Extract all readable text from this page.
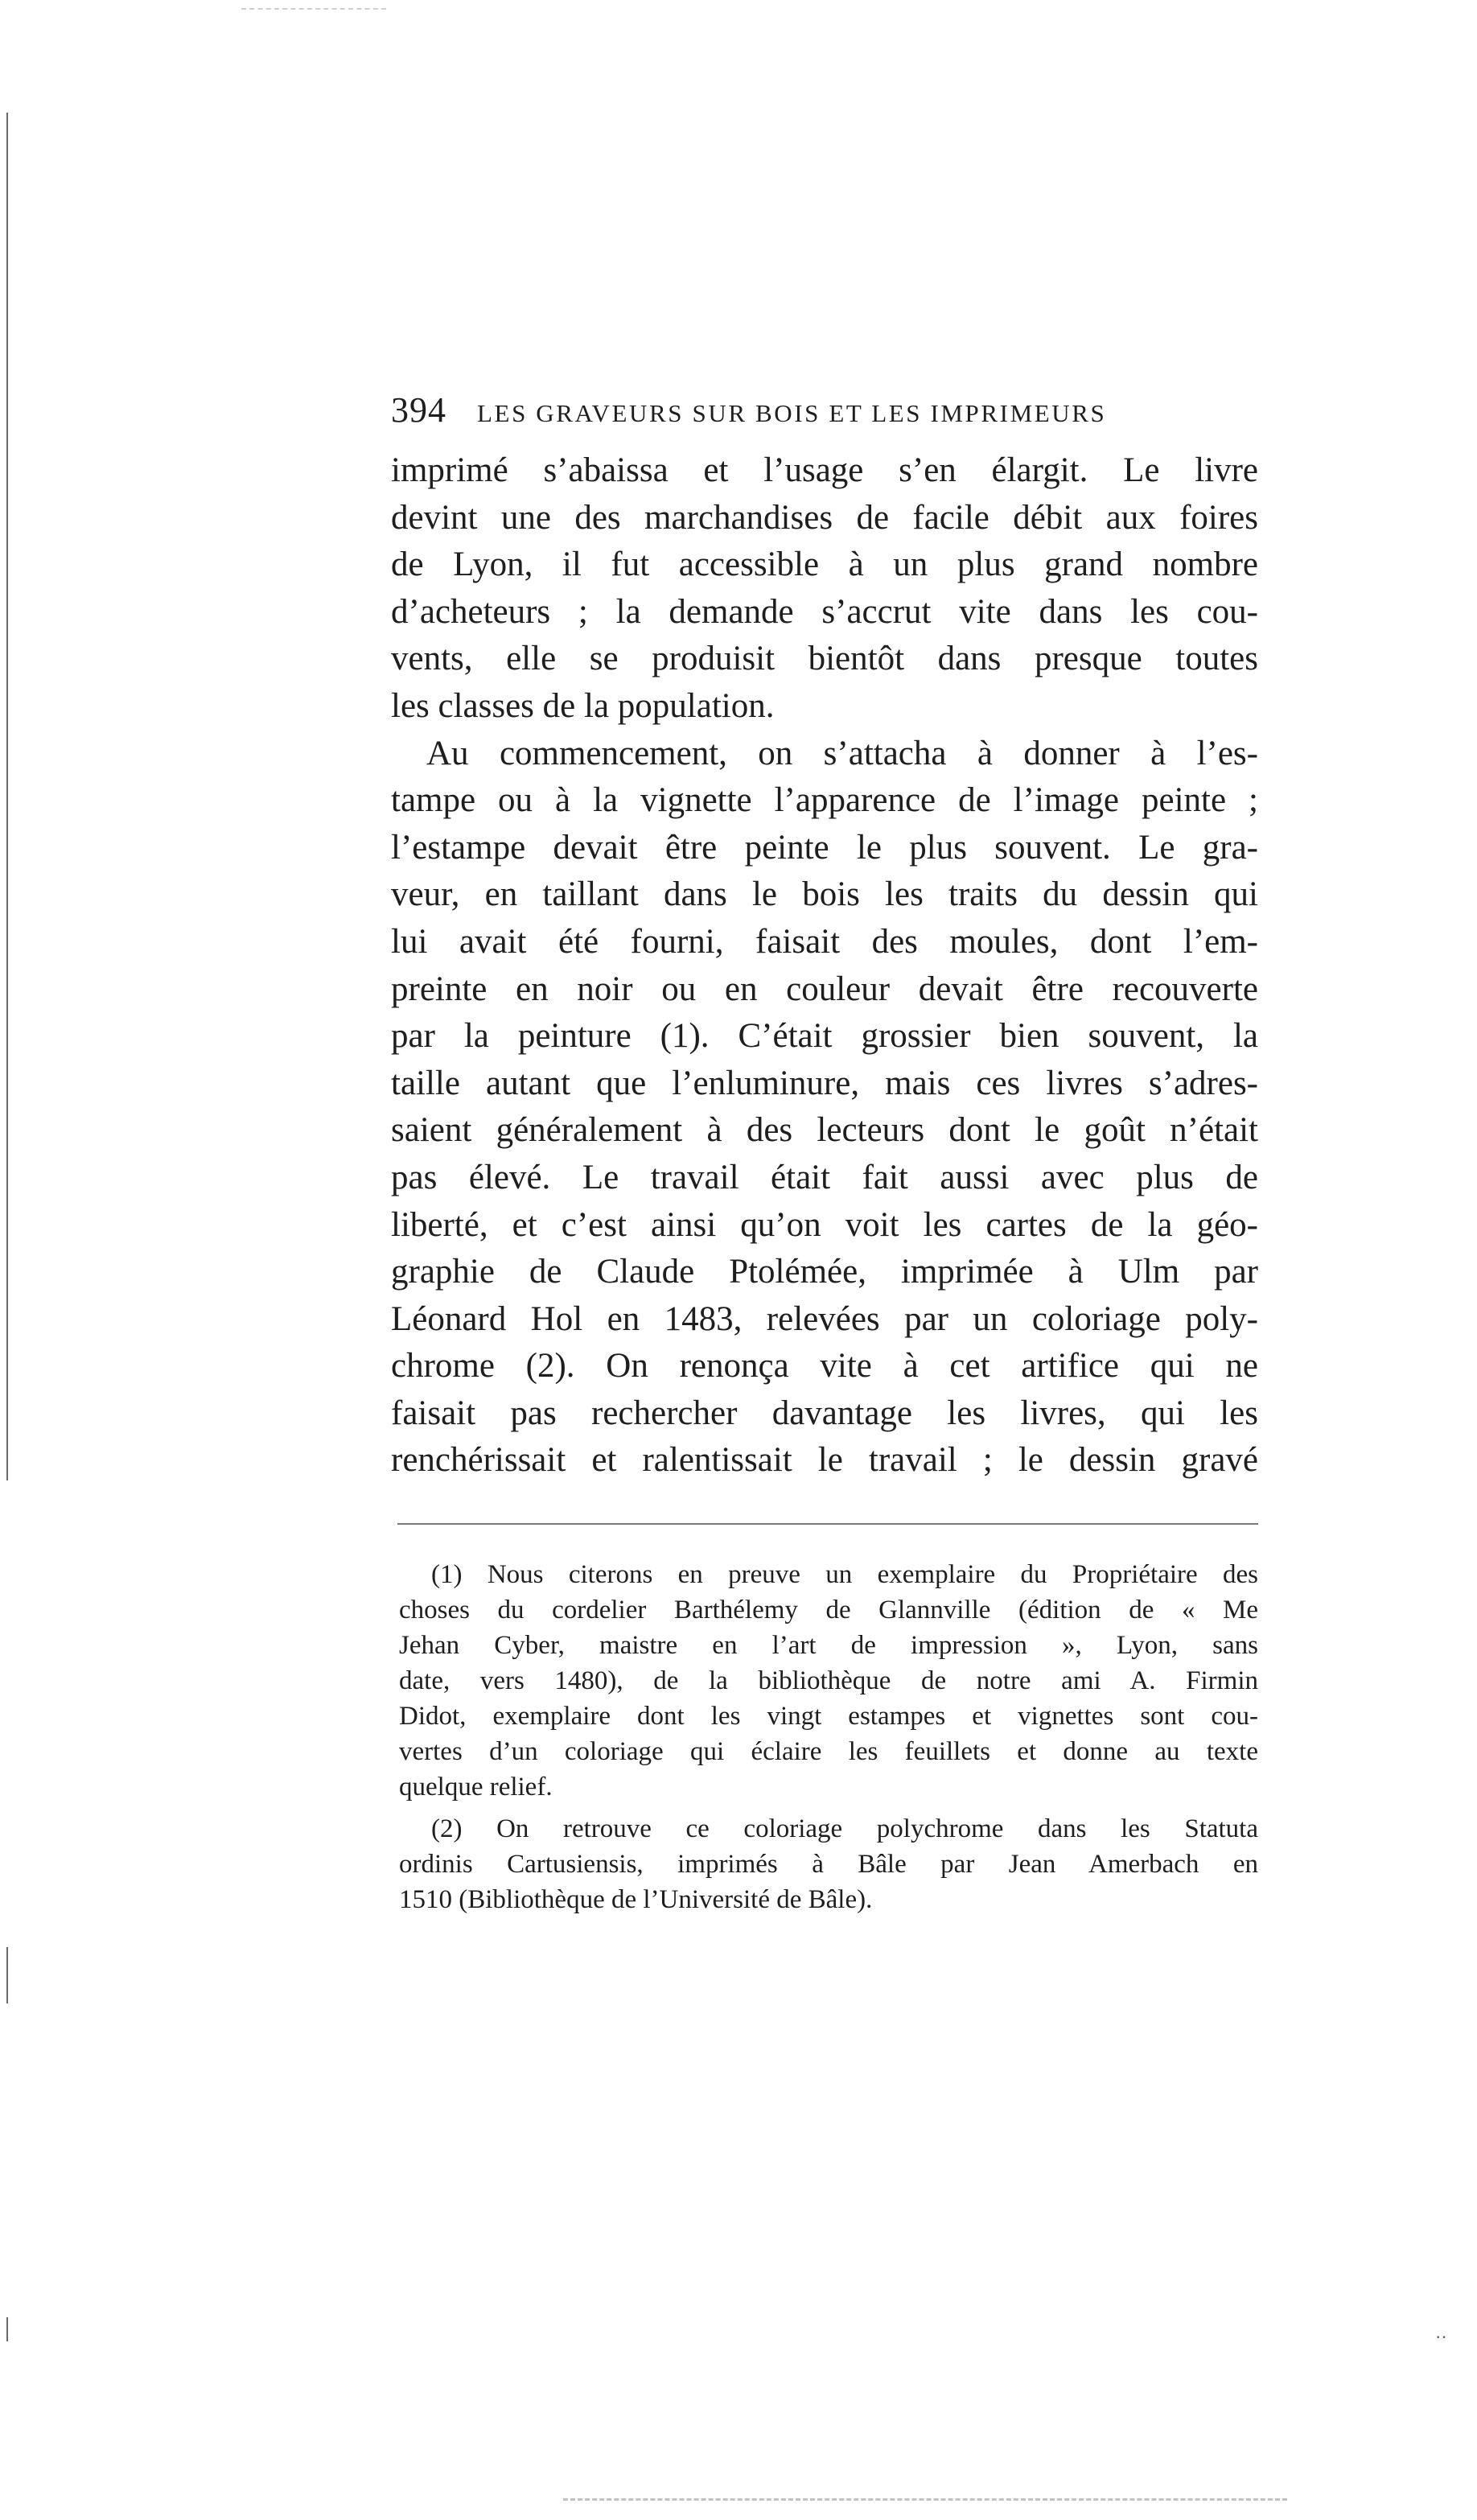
394 LES GRAVEURS SUR BOIS ET LES IMPRIMEURS
imprimé s’abaissa et l’usage s’en élargit. Le livre
devint une des marchandises de facile débit aux foires
de Lyon, il fut accessible à un plus grand nombre
d’acheteurs ; la demande s’accrut vite dans les cou-
vents, elle se produisit bientôt dans presque toutes
les classes de la population.
Au commencement, on s’attacha à donner à l’es-
tampe ou à la vignette l’apparence de l’image peinte ;
l’estampe devait être peinte le plus souvent. Le gra-
veur, en taillant dans le bois les traits du dessin qui
lui avait été fourni, faisait des moules, dont l’em-
preinte en noir ou en couleur devait être recouverte
par la peinture (1). C’était grossier bien souvent, la
taille autant que l’enluminure, mais ces livres s’adres-
saient généralement à des lecteurs dont le goût n’était
pas élevé. Le travail était fait aussi avec plus de
liberté, et c’est ainsi qu’on voit les cartes de la géo-
graphie de Claude Ptolémée, imprimée à Ulm par
Léonard Hol en 1483, relevées par un coloriage poly-
chrome (2). On renonça vite à cet artifice qui ne
faisait pas rechercher davantage les livres, qui les
renchérissait et ralentissait le travail ; le dessin gravé
(1) Nous citerons en preuve un exemplaire du Propriétaire des
choses du cordelier Barthélemy de Glannville (édition de « Me
Jehan Cyber, maistre en l’art de impression », Lyon, sans
date, vers 1480), de la bibliothèque de notre ami A. Firmin
Didot, exemplaire dont les vingt estampes et vignettes sont cou-
vertes d’un coloriage qui éclaire les feuillets et donne au texte
quelque relief.
(2) On retrouve ce coloriage polychrome dans les Statuta
ordinis Cartusiensis, imprimés à Bâle par Jean Amerbach en
1510 (Bibliothèque de l’Université de Bâle).
··
